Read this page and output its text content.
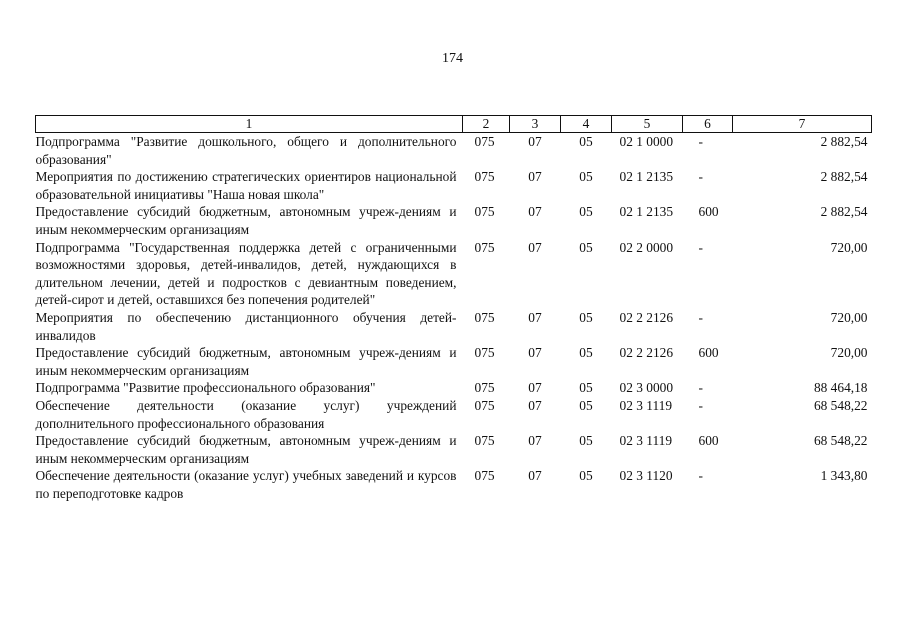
174
1	2	3	4	5	6	7
Подпрограмма "Развитие дошкольного, общего и дополнительного образования"	075	07	05	02 1 0000	-	2 882,54
Мероприятия по достижению стратегических ориентиров национальной образовательной инициативы "Наша новая школа"	075	07	05	02 1 2135	-	2 882,54
Предоставление субсидий бюджетным, автономным учреж-дениям и иным некоммерческим организациям	075	07	05	02 1 2135	600	2 882,54
Подпрограмма "Государственная поддержка детей с ограниченными возможностями здоровья, детей-инвалидов, детей, нуждающихся в длительном лечении, детей и подростков с девиантным поведением, детей-сирот и детей, оставшихся без попечения родителей"	075	07	05	02 2 0000	-	720,00
Мероприятия по обеспечению дистанционного обучения детей-инвалидов	075	07	05	02 2 2126	-	720,00
Предоставление субсидий бюджетным, автономным учреж-дениям и иным некоммерческим организациям	075	07	05	02 2 2126	600	720,00
Подпрограмма "Развитие профессионального образования"	075	07	05	02 3 0000	-	88 464,18
Обеспечение деятельности (оказание услуг) учреждений дополнительного профессионального образования	075	07	05	02 3 1119	-	68 548,22
Предоставление субсидий бюджетным, автономным учреж-дениям и иным некоммерческим организациям	075	07	05	02 3 1119	600	68 548,22
Обеспечение деятельности (оказание услуг) учебных заведений и курсов по переподготовке кадров	075	07	05	02 3 1120	-	1 343,80
